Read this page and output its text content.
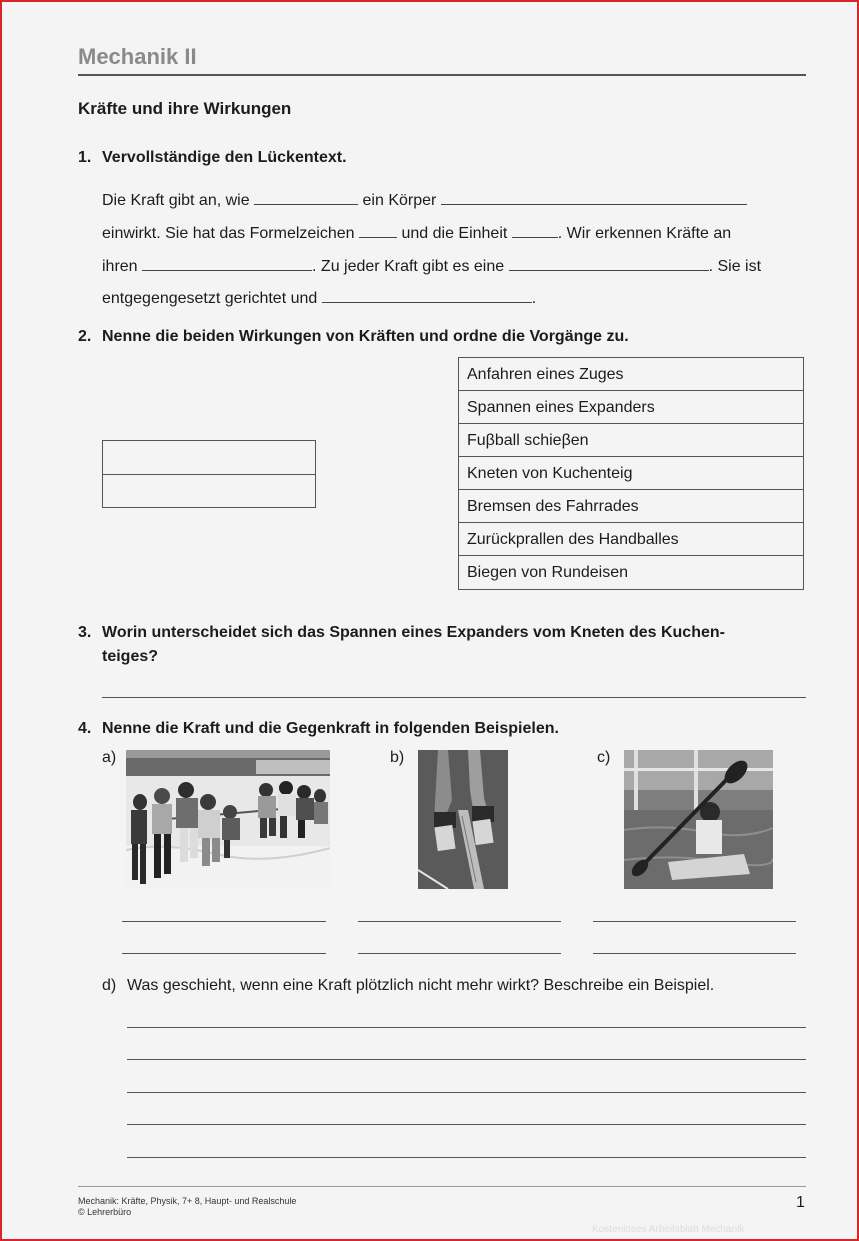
Mechanik II
Kräfte und ihre Wirkungen
1. Vervollständige den Lückentext.
Die Kraft gibt an, wie	ein Körper
einwirkt. Sie hat das Formelzeichen	und die Einheit	. Wir erkennen Kräfte an
ihren	. Zu jeder Kraft gibt es eine	. Sie ist
entgegengesetzt gerichtet und	.
2. Nenne die beiden Wirkungen von Kräften und ordne die Vorgänge zu.
Anfahren eines Zuges
Spannen eines Expanders
Fuβball schieβen
Kneten von Kuchenteig
Bremsen des Fahrrades
Zurückprallen des Handballes
Biegen von Rundeisen
3. Worin unterscheidet sich das Spannen eines Expanders vom Kneten des Kuchen-
teiges?
4. Nenne die Kraft und die Gegenkraft in folgenden Beispielen.
a)	b)	c)
d) Was geschieht, wenn eine Kraft plötzlich nicht mehr wirkt? Beschreibe ein Beispiel.
Mechanik: Kräfte, Physik, 7+ 8, Haupt- und Realschule
© Lehrerbüro
1
Kostenloses Arbeitsblatt Mechanik
